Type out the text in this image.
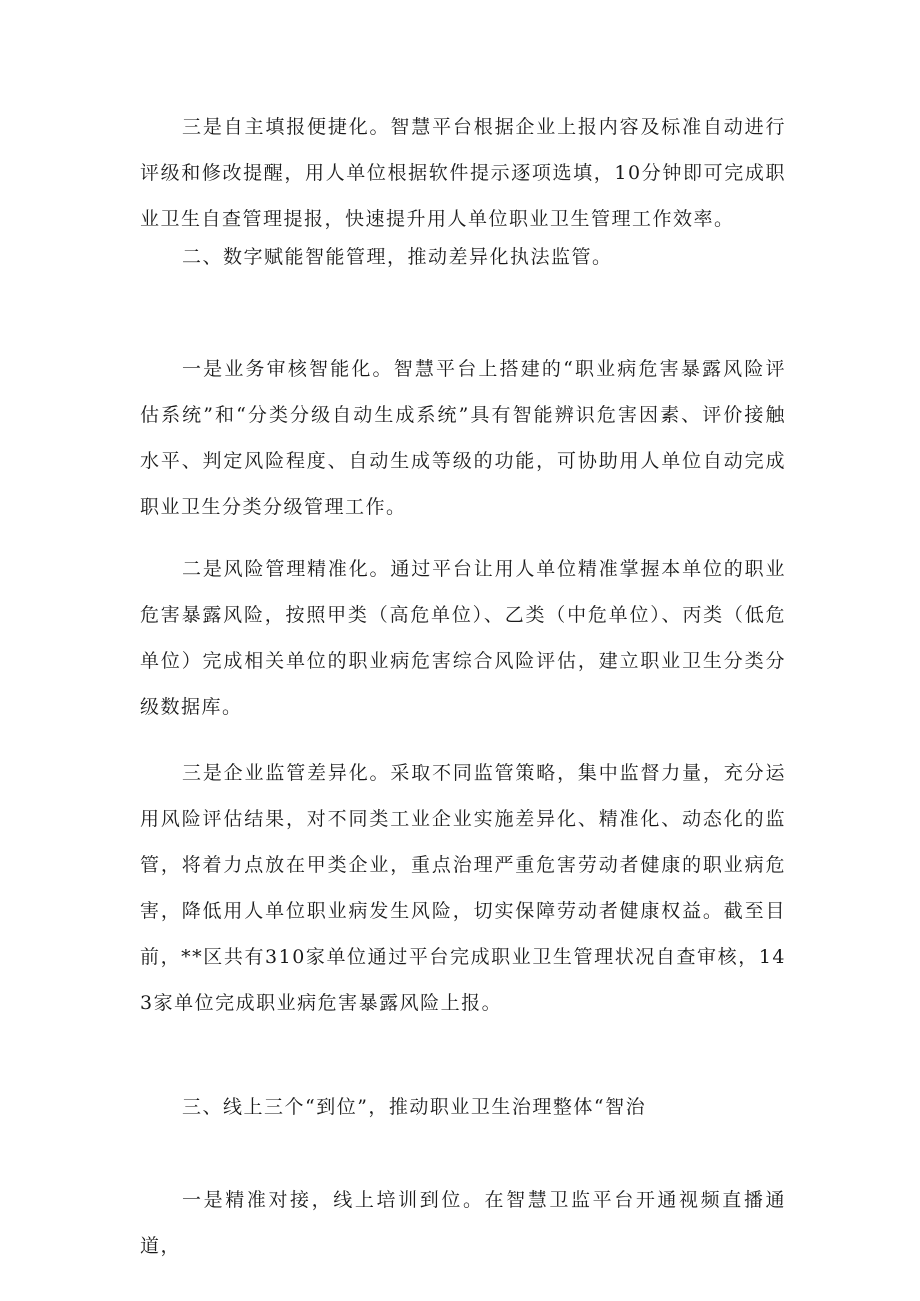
三是自主填报便捷化。智慧平台根据企业上报内容及标准自动进行评级和修改提醒，用人单位根据软件提示逐项选填，10分钟即可完成职业卫生自查管理提报，快速提升用人单位职业卫生管理工作效率。

二、数字赋能智能管理，推动差异化执法监管。

一是业务审核智能化。智慧平台上搭建的“职业病危害暴露风险评估系统”和“分类分级自动生成系统”具有智能辨识危害因素、评价接触水平、判定风险程度、自动生成等级的功能，可协助用人单位自动完成职业卫生分类分级管理工作。

二是风险管理精准化。通过平台让用人单位精准掌握本单位的职业危害暴露风险，按照甲类（高危单位）、乙类（中危单位）、丙类（低危单位）完成相关单位的职业病危害综合风险评估，建立职业卫生分类分级数据库。

三是企业监管差异化。采取不同监管策略，集中监督力量，充分运用风险评估结果，对不同类工业企业实施差异化、精准化、动态化的监管，将着力点放在甲类企业，重点治理严重危害劳动者健康的职业病危害，降低用人单位职业病发生风险，切实保障劳动者健康权益。截至目前，**区共有310家单位通过平台完成职业卫生管理状况自查审核，143家单位完成职业病危害暴露风险上报。

三、线上三个“到位”，推动职业卫生治理整体“智治

一是精准对接，线上培训到位。在智慧卫监平台开通视频直播通道，
